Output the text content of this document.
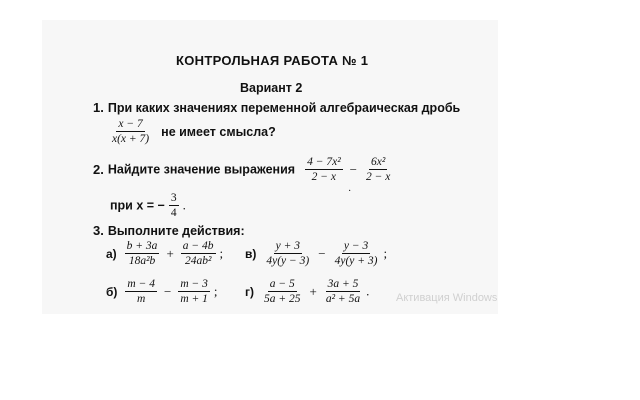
КОНТРОЛЬНАЯ РАБОТА № 1
Вариант 2
1. При каких значениях переменной алгебраическая дробь
$\frac{x - 7}{x(x + 7)}$ не имеет смысла?
2. Найдите значение выражения $\frac{\text{4 − 7x²}}{2 - x} - \frac{\text{6x²}}{2 - x}$
·
при x = − $\frac{3}{4}$ .
3. Выполните действия:
$а) \frac{b + 3a}{\text{18a²b}} + \frac{a - 4b}{\text{24ab²}}$ ; $в) \frac{y + 3}{4y(y - 3)} - \frac{y - 3}{4y(y + 3)}$ ;
$б) \frac{m - 4}{m} - \frac{m - 3}{m + 1}$ ; $г) \frac{a - 5}{5a + 25} + \frac{3a + 5}{\text{a² + 5a}}$ . Активация Windows
